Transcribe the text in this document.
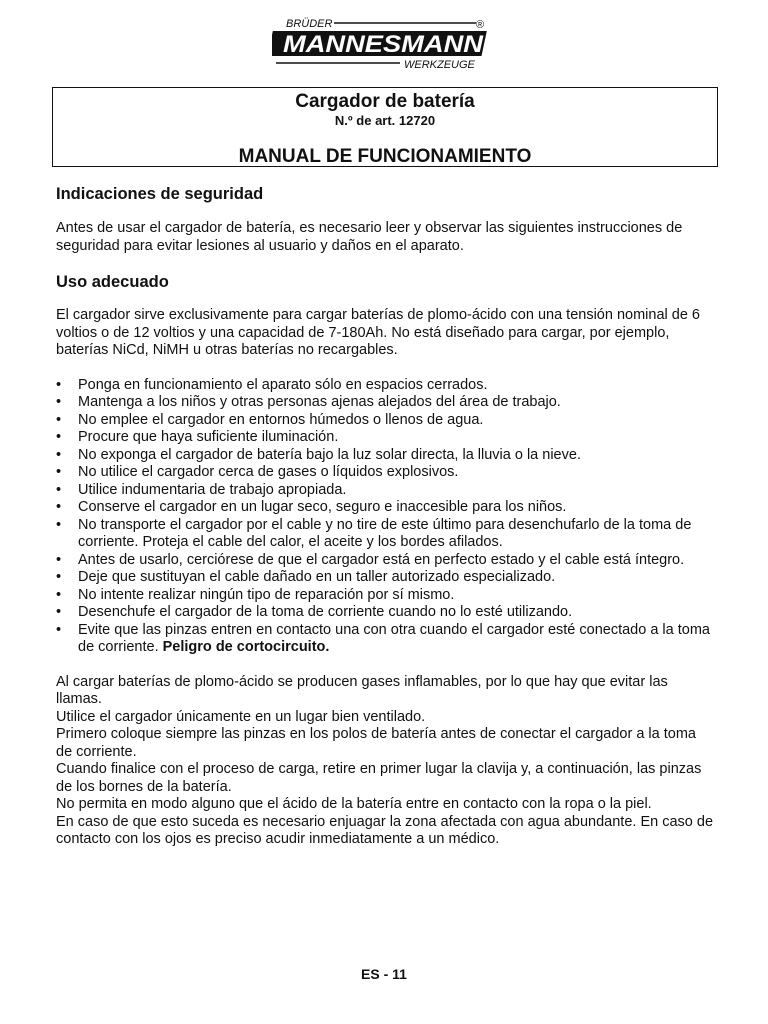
BRÜDER	®
MANNESMANN
WERKZEUGE
Cargador de batería
N.º de art. 12720
MANUAL DE FUNCIONAMIENTO
Indicaciones de seguridad

Antes de usar el cargador de batería, es necesario leer y observar las siguientes instrucciones de seguridad para evitar lesiones al usuario y daños en el aparato.

Uso adecuado

El cargador sirve exclusivamente para cargar baterías de plomo-ácido con una tensión nominal de 6 voltios o de 12 voltios y una capacidad de 7-180Ah. No está diseñado para cargar, por ejemplo, baterías NiCd, NiMH u otras baterías no recargables.

• Ponga en funcionamiento el aparato sólo en espacios cerrados.
• Mantenga a los niños y otras personas ajenas alejados del área de trabajo.
• No emplee el cargador en entornos húmedos o llenos de agua.
• Procure que haya suficiente iluminación.
• No exponga el cargador de batería bajo la luz solar directa, la lluvia o la nieve.
• No utilice el cargador cerca de gases o líquidos explosivos.
• Utilice indumentaria de trabajo apropiada.
• Conserve el cargador en un lugar seco, seguro e inaccesible para los niños.
• No transporte el cargador por el cable y no tire de este último para desenchufarlo de la toma de corriente. Proteja el cable del calor, el aceite y los bordes afilados.
• Antes de usarlo, cerciórese de que el cargador está en perfecto estado y el cable está íntegro.
• Deje que sustituyan el cable dañado en un taller autorizado especializado.
• No intente realizar ningún tipo de reparación por sí mismo.
• Desenchufe el cargador de la toma de corriente cuando no lo esté utilizando.
• Evite que las pinzas entren en contacto una con otra cuando el cargador esté conectado a la toma de corriente. Peligro de cortocircuito.

Al cargar baterías de plomo-ácido se producen gases inflamables, por lo que hay que evitar las llamas.

Utilice el cargador únicamente en un lugar bien ventilado.

Primero coloque siempre las pinzas en los polos de batería antes de conectar el cargador a la toma de corriente.

Cuando finalice con el proceso de carga, retire en primer lugar la clavija y, a continuación, las pinzas de los bornes de la batería.

No permita en modo alguno que el ácido de la batería entre en contacto con la ropa o la piel.

En caso de que esto suceda es necesario enjuagar la zona afectada con agua abundante. En caso de contacto con los ojos es preciso acudir inmediatamente a un médico.

ES - 11
